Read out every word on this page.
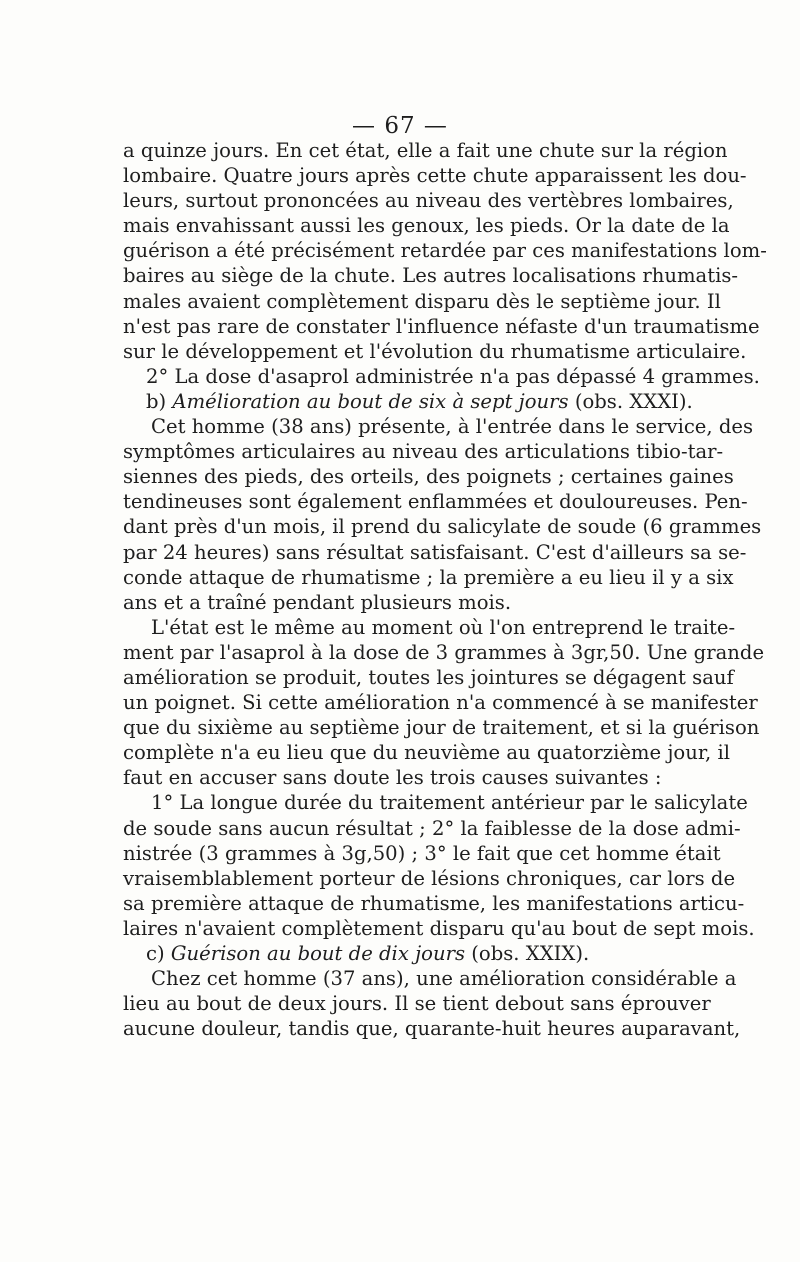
— 67 —
a quinze jours. En cet état, elle a fait une chute sur la région
lombaire. Quatre jours après cette chute apparaissent les dou-
leurs, surtout prononcées au niveau des vertèbres lombaires,
mais envahissant aussi les genoux, les pieds. Or la date de la
guérison a été précisément retardée par ces manifestations lom-
baires au siège de la chute. Les autres localisations rhumatis-
males avaient complètement disparu dès le septième jour. Il
n'est pas rare de constater l'influence néfaste d'un traumatisme
sur le développement et l'évolution du rhumatisme articulaire.
2° La dose d'asaprol administrée n'a pas dépassé 4 grammes.
b) Amélioration au bout de six à sept jours (obs. XXXI).
Cet homme (38 ans) présente, à l'entrée dans le service, des
symptômes articulaires au niveau des articulations tibio-tar-
siennes des pieds, des orteils, des poignets ; certaines gaines
tendineuses sont également enflammées et douloureuses. Pen-
dant près d'un mois, il prend du salicylate de soude (6 grammes
par 24 heures) sans résultat satisfaisant. C'est d'ailleurs sa se-
conde attaque de rhumatisme ; la première a eu lieu il y a six
ans et a traîné pendant plusieurs mois.
L'état est le même au moment où l'on entreprend le traite-
ment par l'asaprol à la dose de 3 grammes à 3gr,50. Une grande
amélioration se produit, toutes les jointures se dégagent sauf
un poignet. Si cette amélioration n'a commencé à se manifester
que du sixième au septième jour de traitement, et si la guérison
complète n'a eu lieu que du neuvième au quatorzième jour, il
faut en accuser sans doute les trois causes suivantes :
1° La longue durée du traitement antérieur par le salicylate
de soude sans aucun résultat ; 2° la faiblesse de la dose admi-
nistrée (3 grammes à 3g,50) ; 3° le fait que cet homme était
vraisemblablement porteur de lésions chroniques, car lors de
sa première attaque de rhumatisme, les manifestations articu-
laires n'avaient complètement disparu qu'au bout de sept mois.
c) Guérison au bout de dix jours (obs. XXIX).
Chez cet homme (37 ans), une amélioration considérable a
lieu au bout de deux jours. Il se tient debout sans éprouver
aucune douleur, tandis que, quarante-huit heures auparavant,
